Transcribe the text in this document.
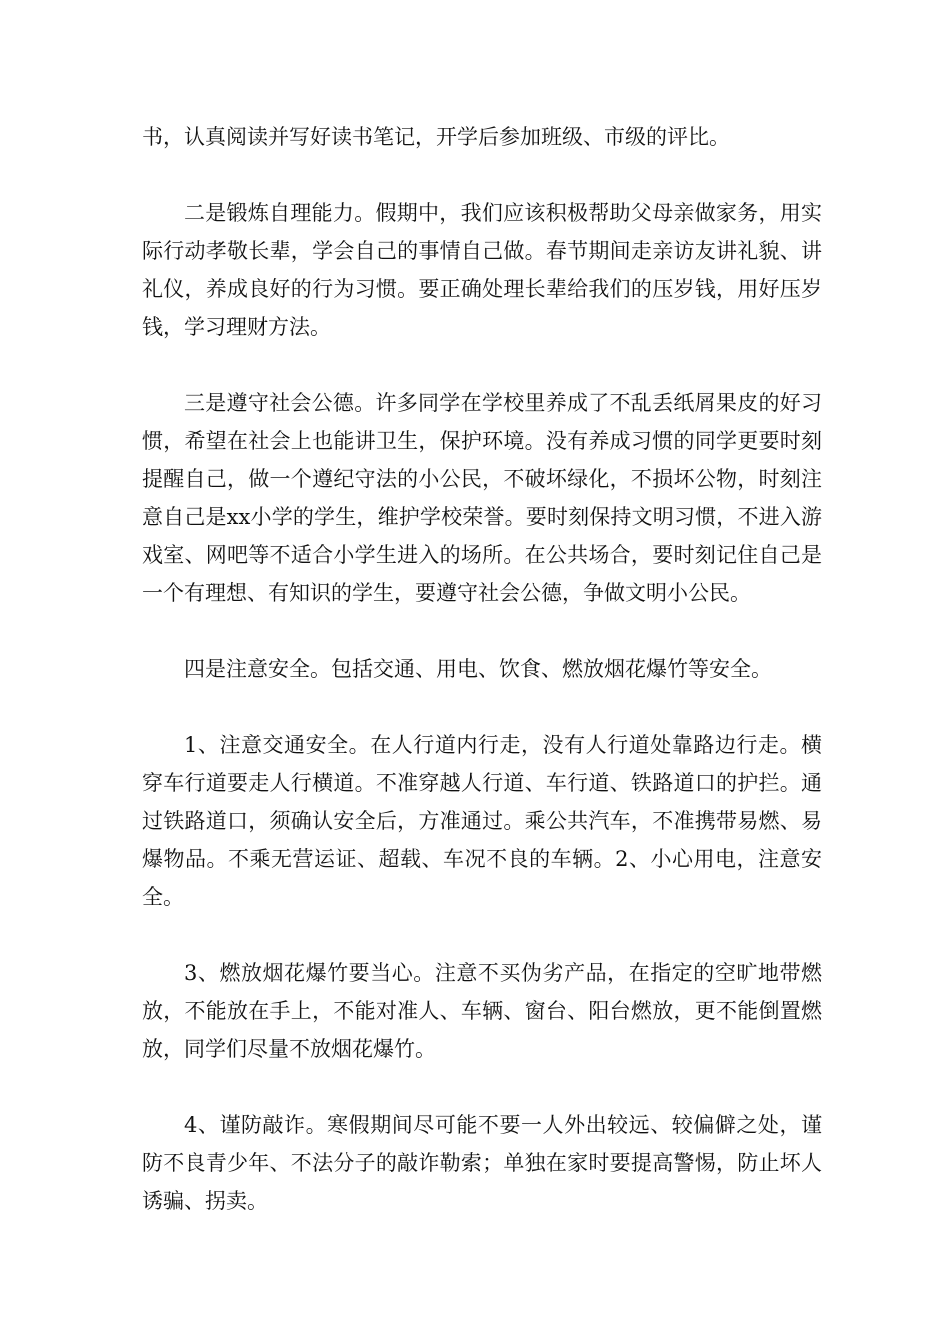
书，认真阅读并写好读书笔记，开学后参加班级、市级的评比。

二是锻炼自理能力。假期中，我们应该积极帮助父母亲做家务，用实际行动孝敬长辈，学会自己的事情自己做。春节期间走亲访友讲礼貌、讲礼仪，养成良好的行为习惯。要正确处理长辈给我们的压岁钱，用好压岁钱，学习理财方法。

三是遵守社会公德。许多同学在学校里养成了不乱丢纸屑果皮的好习惯，希望在社会上也能讲卫生，保护环境。没有养成习惯的同学更要时刻提醒自己，做一个遵纪守法的小公民，不破坏绿化，不损坏公物，时刻注意自己是xx小学的学生，维护学校荣誉。要时刻保持文明习惯，不进入游戏室、网吧等不适合小学生进入的场所。在公共场合，要时刻记住自己是一个有理想、有知识的学生，要遵守社会公德，争做文明小公民。

四是注意安全。包括交通、用电、饮食、燃放烟花爆竹等安全。

1、注意交通安全。在人行道内行走，没有人行道处靠路边行走。横穿车行道要走人行横道。不准穿越人行道、车行道、铁路道口的护拦。通过铁路道口，须确认安全后，方准通过。乘公共汽车，不准携带易燃、易爆物品。不乘无营运证、超载、车况不良的车辆。2、小心用电，注意安全。

3、燃放烟花爆竹要当心。注意不买伪劣产品，在指定的空旷地带燃放，不能放在手上，不能对准人、车辆、窗台、阳台燃放，更不能倒置燃放，同学们尽量不放烟花爆竹。

4、谨防敲诈。寒假期间尽可能不要一人外出较远、较偏僻之处，谨防不良青少年、不法分子的敲诈勒索；单独在家时要提高警惕，防止坏人诱骗、拐卖。
